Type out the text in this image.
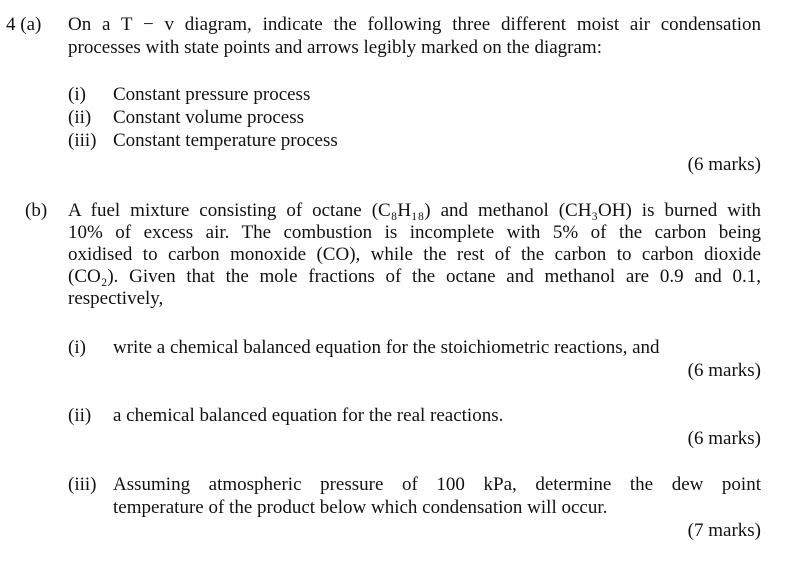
4 (a) On a T − v diagram, indicate the following three different moist air condensation
processes with state points and arrows legibly marked on the diagram:
(i) Constant pressure process
(ii) Constant volume process
(iii) Constant temperature process
(6 marks)
(b) A fuel mixture consisting of octane (C₈H₁₈) and methanol (CH₃OH) is burned with
10% of excess air. The combustion is incomplete with 5% of the carbon being
oxidised to carbon monoxide (CO), while the rest of the carbon to carbon dioxide
(CO₂). Given that the mole fractions of the octane and methanol are 0.9 and 0.1,
respectively,
(i) write a chemical balanced equation for the stoichiometric reactions, and
(6 marks)
(ii) a chemical balanced equation for the real reactions.
(6 marks)
(iii) Assuming atmospheric pressure of 100 kPa, determine the dew point
temperature of the product below which condensation will occur.
(7 marks)
